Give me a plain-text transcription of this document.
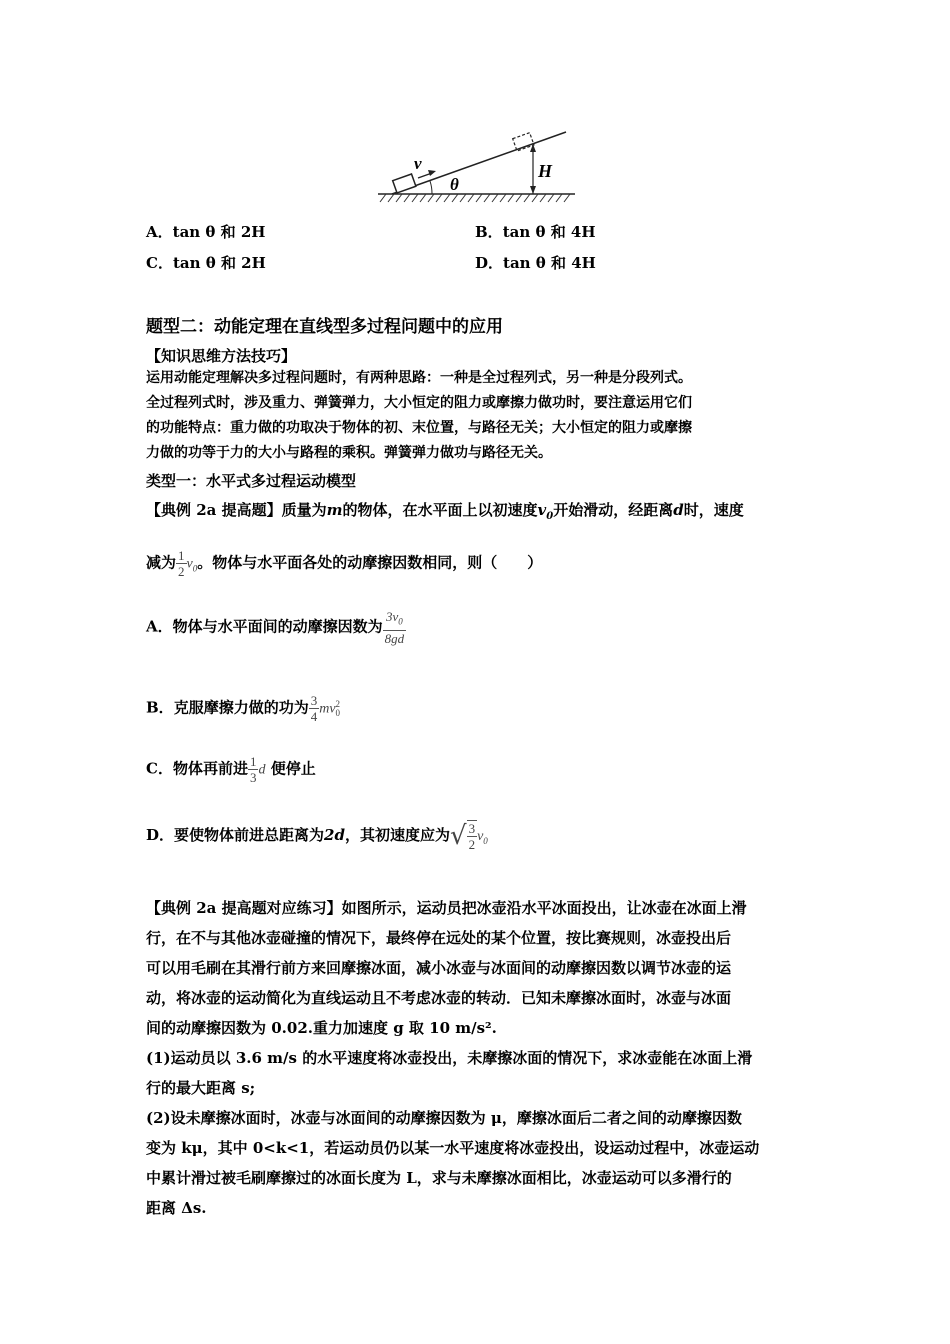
v
θ
H
A．tan θ 和 2H	B．tan θ 和 4H
C．tan θ 和 2H	D．tan θ 和 4H
题型二：动能定理在直线型多过程问题中的应用
【知识思维方法技巧】
运用动能定理解决多过程问题时，有两种思路：一种是全过程列式，另一种是分段列式。
全过程列式时，涉及重力、弹簧弹力，大小恒定的阻力或摩擦力做功时，要注意运用它们
的功能特点：重力做的功取决于物体的初、末位置，与路径无关；大小恒定的阻力或摩擦
力做的功等于力的大小与路程的乘积。弹簧弹力做功与路径无关。
类型一：水平式多过程运动模型
【典例 2a 提高题】质量为m的物体，在水平面上以初速度$v_0$开始滑动，经距离d时，速度
减为 $\frac{1}{2} v_0$。物体与水平面各处的动摩擦因数相同，则（　　）
A．物体与水平面间的动摩擦因数为 $\frac{3v_0}{8gd}$
B．克服摩擦力做的功为 $\frac{3}{4}$ mv 2
0
C．物体再前进 $\frac{1}{3}$ d 便停止
D．要使物体前进总距离为2d，其初速度应为√ $\frac{3}{2} v_0$
【典例 2a 提高题对应练习】如图所示，运动员把冰壶沿水平冰面投出，让冰壶在冰面上滑
行，在不与其他冰壶碰撞的情况下，最终停在远处的某个位置，按比赛规则，冰壶投出后
可以用毛刷在其滑行前方来回摩擦冰面，减小冰壶与冰面间的动摩擦因数以调节冰壶的运
动，将冰壶的运动简化为直线运动且不考虑冰壶的转动．已知未摩擦冰面时，冰壶与冰面
间的动摩擦因数为 0.02.重力加速度 g 取 10 m/s².
(1)运动员以 3.6 m/s 的水平速度将冰壶投出，未摩擦冰面的情况下，求冰壶能在冰面上滑
行的最大距离 s;
(2)设未摩擦冰面时，冰壶与冰面间的动摩擦因数为 μ，摩擦冰面后二者之间的动摩擦因数
变为 kμ，其中 0<k<1，若运动员仍以某一水平速度将冰壶投出，设运动过程中，冰壶运动
中累计滑过被毛刷摩擦过的冰面长度为 L，求与未摩擦冰面相比，冰壶运动可以多滑行的
距离 Δs.
